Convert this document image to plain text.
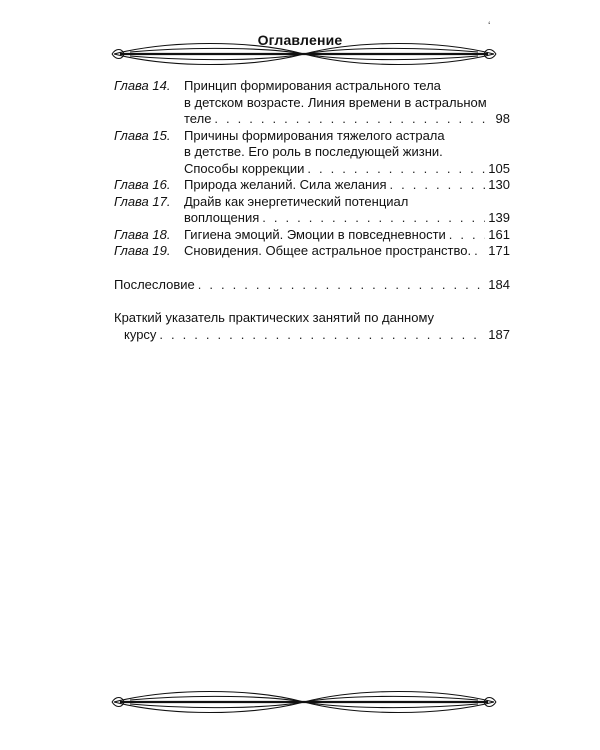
‘
Оглавление
Глава 14.	Принцип формирования астрального тела
в детском возрасте. Линия времени в астральном
теле . . .	98
Глава 15.	Причины формирования тяжелого астрала
в детстве. Его роль в последующей жизни.
Способы коррекции . . .	105
Глава 16.	Природа желаний. Сила желания . . .	130
Глава 17.	Драйв как энергетический потенциал
воплощения . . .	139
Глава 18.	Гигиена эмоций. Эмоции в повседневности . . .	161
Глава 19.	Сновидения. Общее астральное пространство. . . . 171
Послесловие . . .	184
Краткий указатель практических занятий по данному
курсу . . .	187
